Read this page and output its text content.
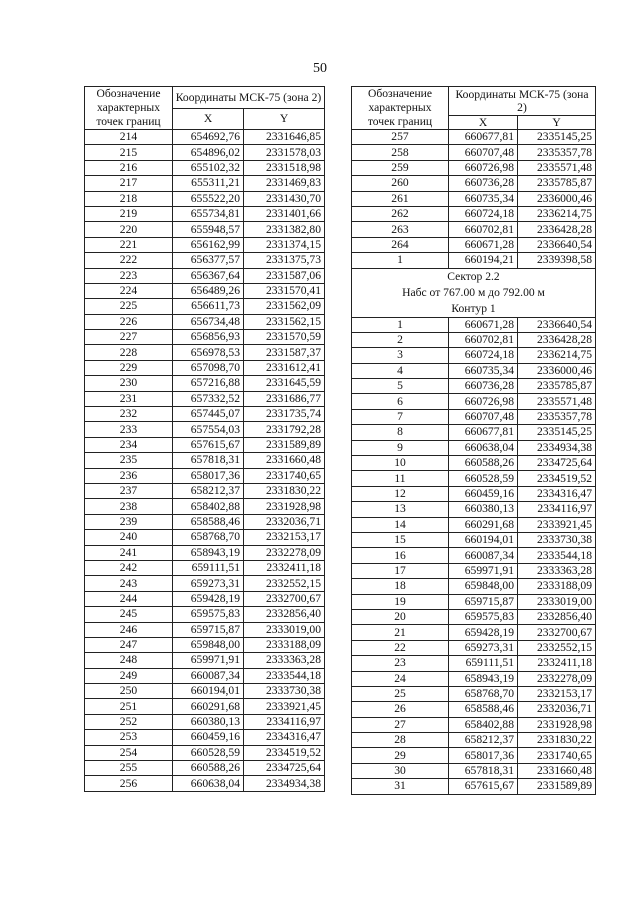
50
Обозначение характерных точек границ	Координаты МСК-75 (зона 2)	
	X	Y
214	654692,76	2331646,85
215	654896,02	2331578,03
216	655102,32	2331518,98
217	655311,21	2331469,83
218	655522,20	2331430,70
219	655734,81	2331401,66
220	655948,57	2331382,80
221	656162,99	2331374,15
222	656377,57	2331375,73
223	656367,64	2331587,06
224	656489,26	2331570,41
225	656611,73	2331562,09
226	656734,48	2331562,15
227	656856,93	2331570,59
228	656978,53	2331587,37
229	657098,70	2331612,41
230	657216,88	2331645,59
231	657332,52	2331686,77
232	657445,07	2331735,74
233	657554,03	2331792,28
234	657615,67	2331589,89
235	657818,31	2331660,48
236	658017,36	2331740,65
237	658212,37	2331830,22
238	658402,88	2331928,98
239	658588,46	2332036,71
240	658768,70	2332153,17
241	658943,19	2332278,09
242	659111,51	2332411,18
243	659273,31	2332552,15
244	659428,19	2332700,67
245	659575,83	2332856,40
246	659715,87	2333019,00
247	659848,00	2333188,09
248	659971,91	2333363,28
249	660087,34	2333544,18
250	660194,01	2333730,38
251	660291,68	2333921,45
252	660380,13	2334116,97
253	660459,16	2334316,47
254	660528,59	2334519,52
255	660588,26	2334725,64
256	660638,04	2334934,38
Обозначение характерных точек границ	Координаты МСК-75 (зона 2)	
	X	Y
257	660677,81	2335145,25
258	660707,48	2335357,78
259	660726,98	2335571,48
260	660736,28	2335785,87
261	660735,34	2336000,46
262	660724,18	2336214,75
263	660702,81	2336428,28
264	660671,28	2336640,54
1	660194,21	2339398,58
Сектор 2.2		
Набс от 767.00 м до 792.00 м		
Контур 1		
1	660671,28	2336640,54
2	660702,81	2336428,28
3	660724,18	2336214,75
4	660735,34	2336000,46
5	660736,28	2335785,87
6	660726,98	2335571,48
7	660707,48	2335357,78
8	660677,81	2335145,25
9	660638,04	2334934,38
10	660588,26	2334725,64
11	660528,59	2334519,52
12	660459,16	2334316,47
13	660380,13	2334116,97
14	660291,68	2333921,45
15	660194,01	2333730,38
16	660087,34	2333544,18
17	659971,91	2333363,28
18	659848,00	2333188,09
19	659715,87	2333019,00
20	659575,83	2332856,40
21	659428,19	2332700,67
22	659273,31	2332552,15
23	659111,51	2332411,18
24	658943,19	2332278,09
25	658768,70	2332153,17
26	658588,46	2332036,71
27	658402,88	2331928,98
28	658212,37	2331830,22
29	658017,36	2331740,65
30	657818,31	2331660,48
31	657615,67	2331589,89
